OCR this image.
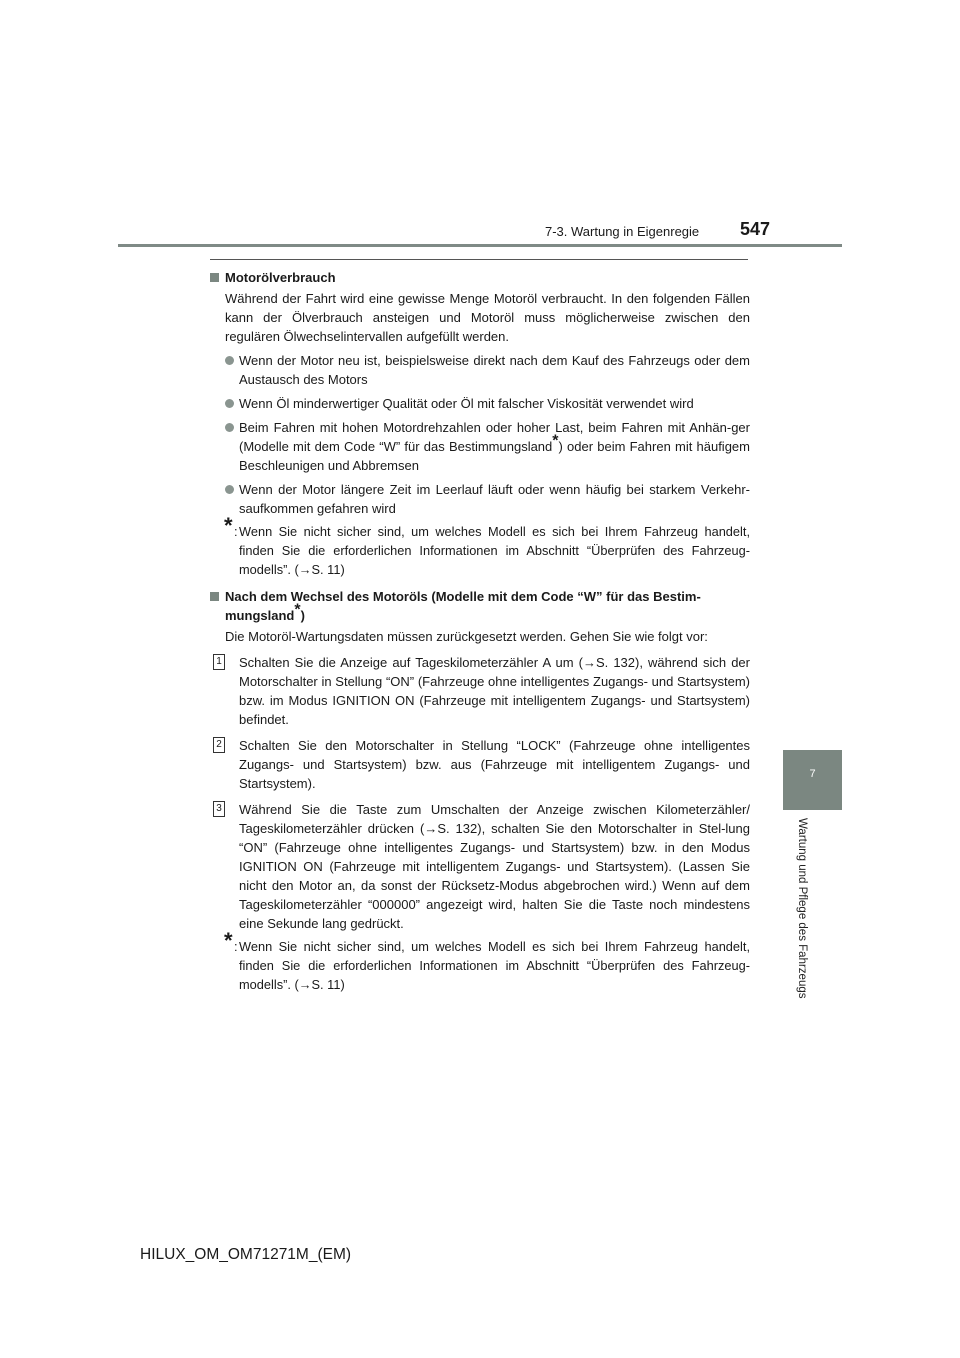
7-3. Wartung in Eigenregie	547
7
Wartung und Pflege des Fahrzeugs
Motorölverbrauch
Während der Fahrt wird eine gewisse Menge Motoröl verbraucht. In den folgenden Fällen kann der Ölverbrauch ansteigen und Motoröl muss möglicherweise zwischen den regulären Ölwechselintervallen aufgefüllt werden.
Wenn der Motor neu ist, beispielsweise direkt nach dem Kauf des Fahrzeugs oder dem Austausch des Motors
Wenn Öl minderwertiger Qualität oder Öl mit falscher Viskosität verwendet wird
Beim Fahren mit hohen Motordrehzahlen oder hoher Last, beim Fahren mit Anhän-ger (Modelle mit dem Code “W” für das Bestimmungsland*) oder beim Fahren mit häufigem Beschleunigen und Abbremsen
Wenn der Motor längere Zeit im Leerlauf läuft oder wenn häufig bei starkem Verkehr-saufkommen gefahren wird
* : Wenn Sie nicht sicher sind, um welches Modell es sich bei Ihrem Fahrzeug handelt, finden Sie die erforderlichen Informationen im Abschnitt “Überprüfen des Fahrzeug-modells”. (→S. 11)
Nach dem Wechsel des Motoröls (Modelle mit dem Code “W” für das Bestim-mungsland*)
Die Motoröl-Wartungsdaten müssen zurückgesetzt werden. Gehen Sie wie folgt vor:
1 Schalten Sie die Anzeige auf Tageskilometerzähler A um (→S. 132), während sich der Motorschalter in Stellung “ON” (Fahrzeuge ohne intelligentes Zugangs- und Startsystem) bzw. im Modus IGNITION ON (Fahrzeuge mit intelligentem Zugangs- und Startsystem) befindet.
2 Schalten Sie den Motorschalter in Stellung “LOCK” (Fahrzeuge ohne intelligentes Zugangs- und Startsystem) bzw. aus (Fahrzeuge mit intelligentem Zugangs- und Startsystem).
3 Während Sie die Taste zum Umschalten der Anzeige zwischen Kilometerzähler/ Tageskilometerzähler drücken (→S. 132), schalten Sie den Motorschalter in Stel-lung “ON” (Fahrzeuge ohne intelligentes Zugangs- und Startsystem) bzw. in den Modus IGNITION ON (Fahrzeuge mit intelligentem Zugangs- und Startsystem). (Lassen Sie nicht den Motor an, da sonst der Rücksetz-Modus abgebrochen wird.) Wenn auf dem Tageskilometerzähler “000000” angezeigt wird, halten Sie die Taste noch mindestens eine Sekunde lang gedrückt.
* : Wenn Sie nicht sicher sind, um welches Modell es sich bei Ihrem Fahrzeug handelt, finden Sie die erforderlichen Informationen im Abschnitt “Überprüfen des Fahrzeug-modells”. (→S. 11)
HILUX_OM_OM71271M_(EM)
